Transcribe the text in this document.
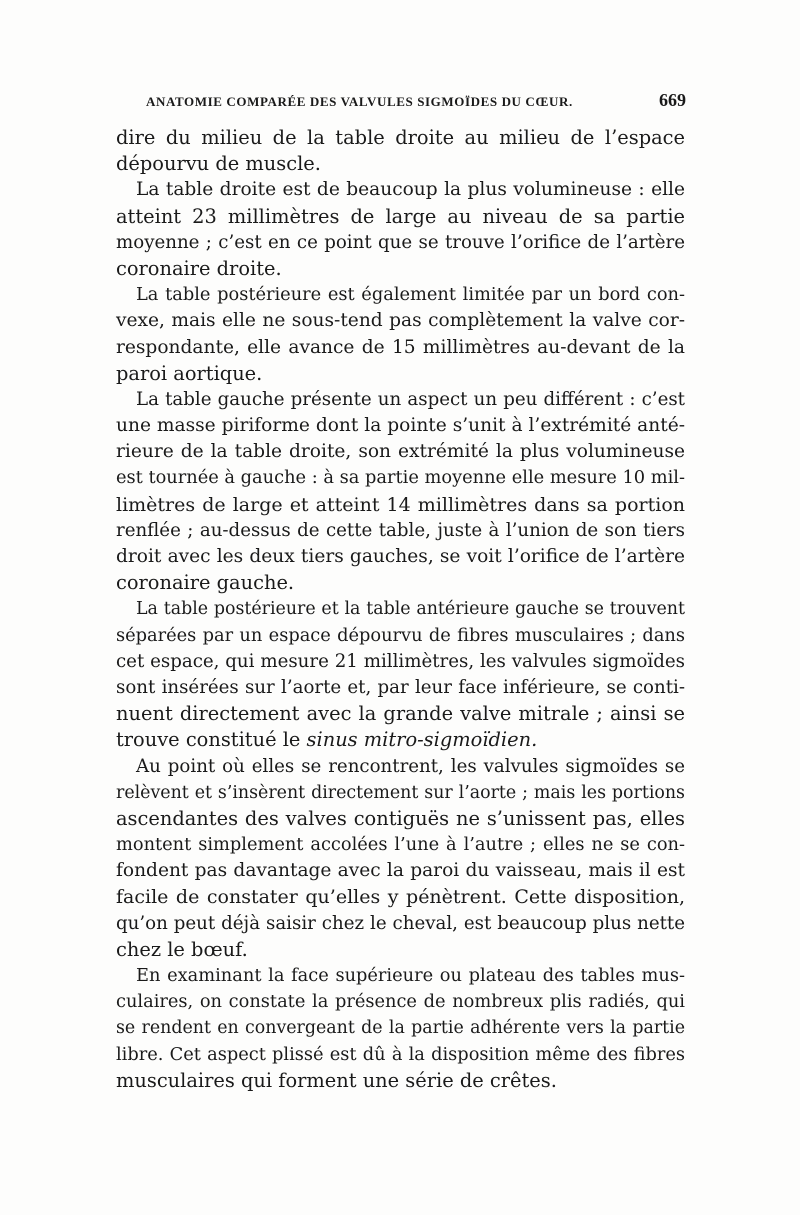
ANATOMIE COMPARÉE DES VALVULES SIGMOÏDES DU CŒUR.	669
dire du milieu de la table droite au milieu de l’espace
dépourvu de muscle.
La table droite est de beaucoup la plus volumineuse : elle
atteint 23 millimètres de large au niveau de sa partie
moyenne ; c’est en ce point que se trouve l’orifice de l’artère
coronaire droite.
La table postérieure est également limitée par un bord con-
vexe, mais elle ne sous-tend pas complètement la valve cor-
respondante, elle avance de 15 millimètres au-devant de la
paroi aortique.
La table gauche présente un aspect un peu différent : c’est
une masse piriforme dont la pointe s’unit à l’extrémité anté-
rieure de la table droite, son extrémité la plus volumineuse
est tournée à gauche : à sa partie moyenne elle mesure 10 mil-
limètres de large et atteint 14 millimètres dans sa portion
renflée ; au-dessus de cette table, juste à l’union de son tiers
droit avec les deux tiers gauches, se voit l’orifice de l’artère
coronaire gauche.
La table postérieure et la table antérieure gauche se trouvent
séparées par un espace dépourvu de fibres musculaires ; dans
cet espace, qui mesure 21 millimètres, les valvules sigmoïdes
sont insérées sur l’aorte et, par leur face inférieure, se conti-
nuent directement avec la grande valve mitrale ; ainsi se
trouve constitué le sinus mitro-sigmoïdien.
Au point où elles se rencontrent, les valvules sigmoïdes se
relèvent et s’insèrent directement sur l’aorte ; mais les portions
ascendantes des valves contiguës ne s’unissent pas, elles
montent simplement accolées l’une à l’autre ; elles ne se con-
fondent pas davantage avec la paroi du vaisseau, mais il est
facile de constater qu’elles y pénètrent. Cette disposition,
qu’on peut déjà saisir chez le cheval, est beaucoup plus nette
chez le bœuf.
En examinant la face supérieure ou plateau des tables mus-
culaires, on constate la présence de nombreux plis radiés, qui
se rendent en convergeant de la partie adhérente vers la partie
libre. Cet aspect plissé est dû à la disposition même des fibres
musculaires qui forment une série de crêtes.
